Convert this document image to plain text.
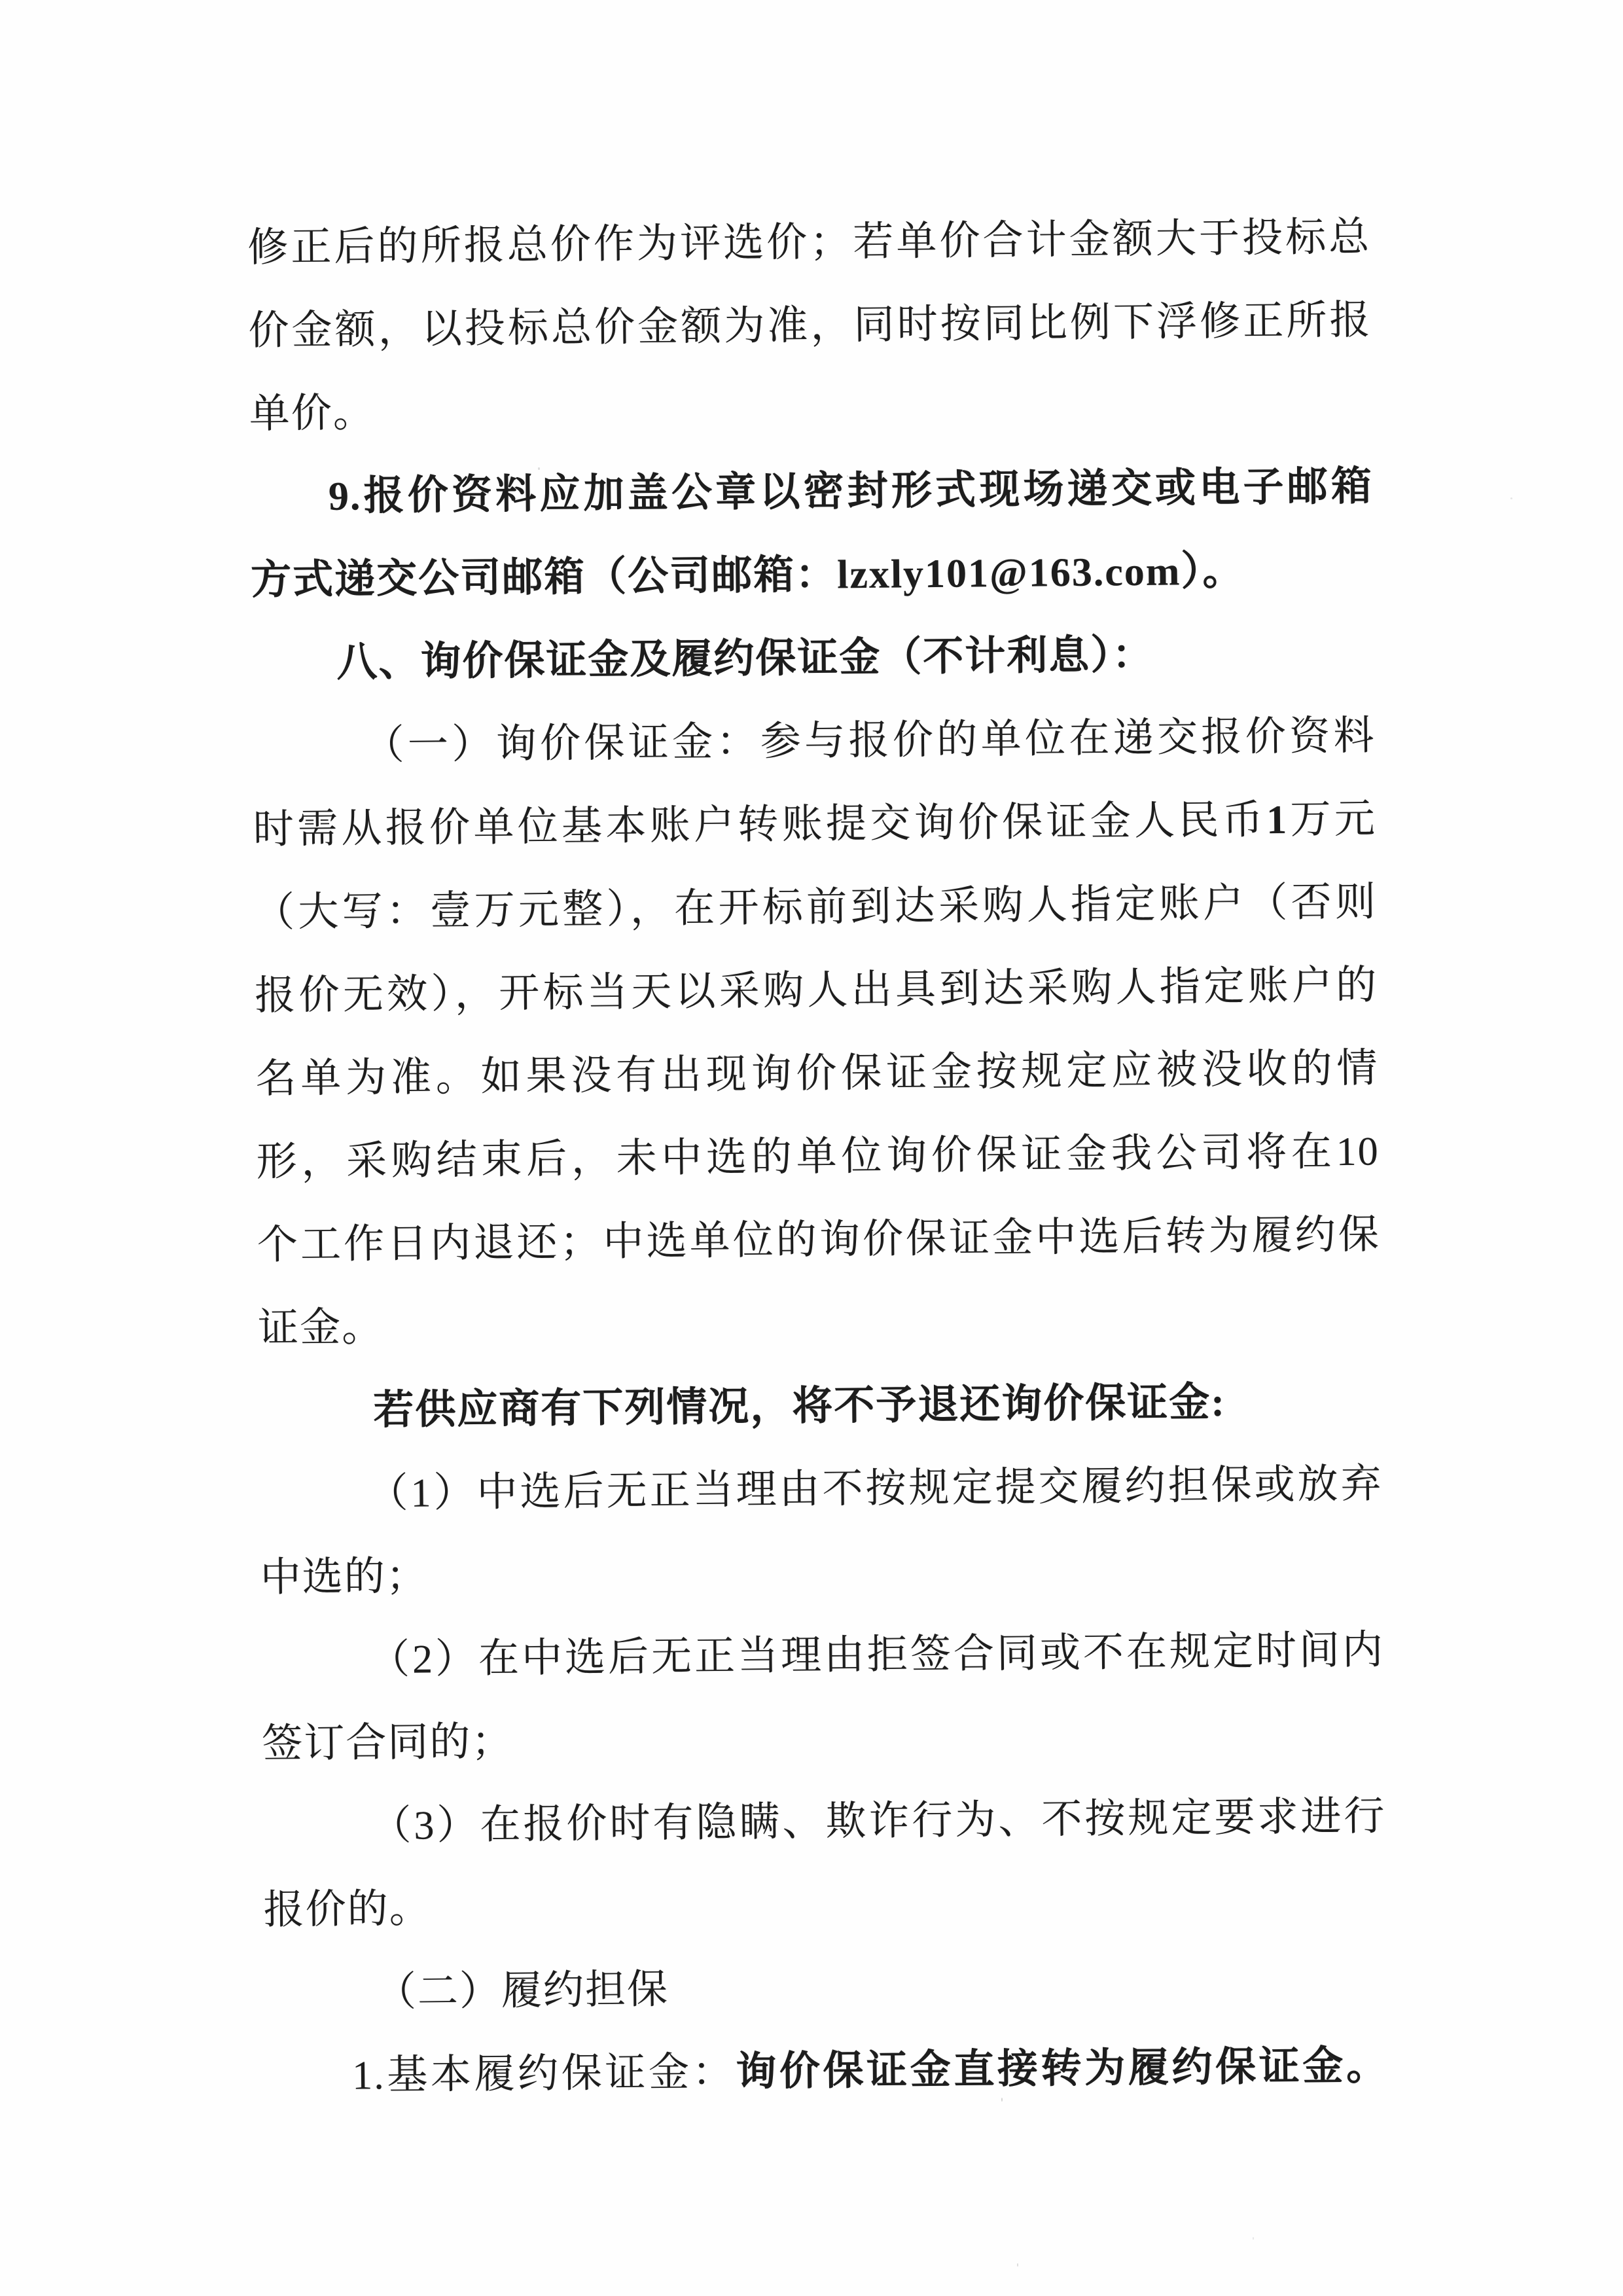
修正后的所报总价作为评选价；若单价合计金额大于投标总
价金额，以投标总价金额为准，同时按同比例下浮修正所报
单价。
9.报价资料应加盖公章以密封形式现场递交或电子邮箱
方式递交公司邮箱（公司邮箱：lzxly101@163.com）。
八、询价保证金及履约保证金（不计利息）：
（一）询价保证金：参与报价的单位在递交报价资料
时需从报价单位基本账户转账提交询价保证金人民币1万元
（大写：壹万元整），在开标前到达采购人指定账户（否则
报价无效），开标当天以采购人出具到达采购人指定账户的
名单为准。如果没有出现询价保证金按规定应被没收的情
形，采购结束后，未中选的单位询价保证金我公司将在10
个工作日内退还；中选单位的询价保证金中选后转为履约保
证金。
若供应商有下列情况，将不予退还询价保证金:
（1）中选后无正当理由不按规定提交履约担保或放弃
中选的；
（2）在中选后无正当理由拒签合同或不在规定时间内
签订合同的；
（3）在报价时有隐瞒、欺诈行为、不按规定要求进行
报价的。
（二）履约担保
1.基本履约保证金：询价保证金直接转为履约保证金。
